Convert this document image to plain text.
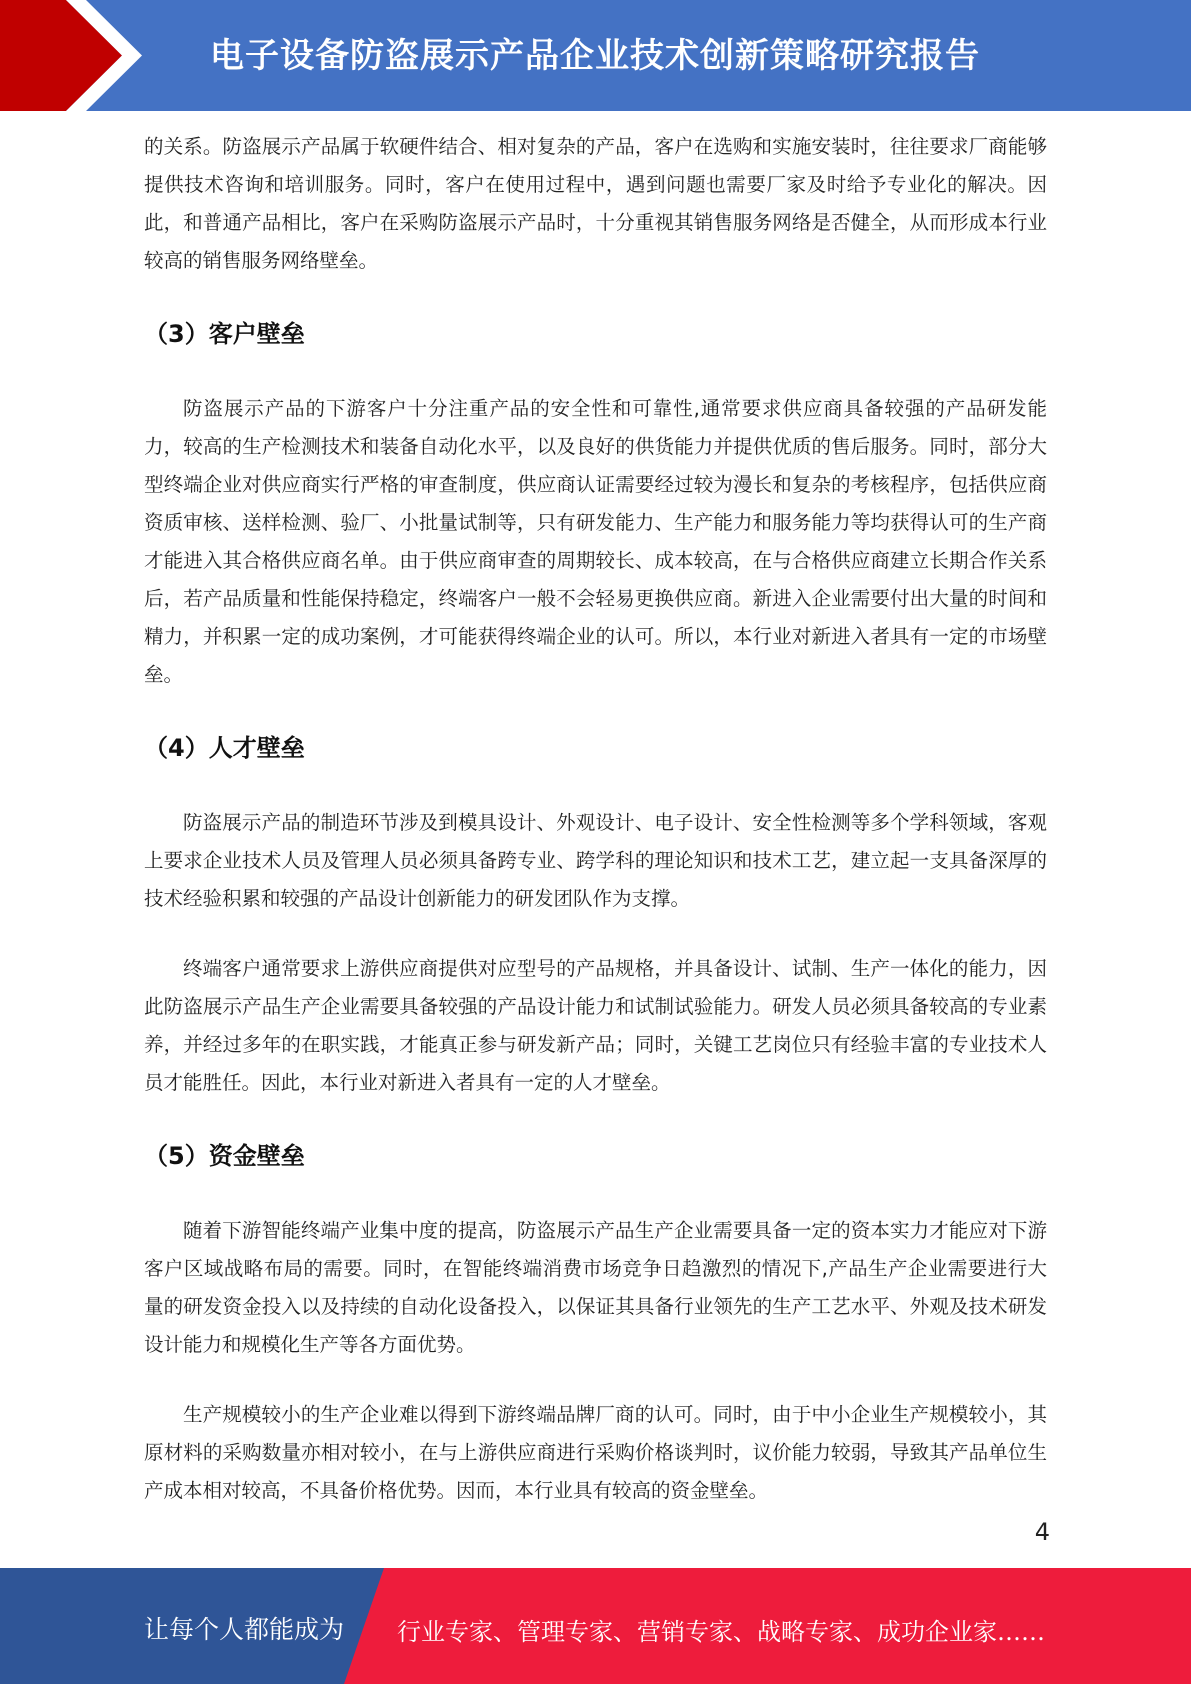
电子设备防盗展示产品企业技术创新策略研究报告

的关系。防盗展示产品属于软硬件结合、相对复杂的产品，客户在选购和实施安装时，往往要求厂商能够提供技术咨询和培训服务。同时，客户在使用过程中，遇到问题也需要厂家及时给予专业化的解决。因此，和普通产品相比，客户在采购防盗展示产品时，十分重视其销售服务网络是否健全，从而形成本行业较高的销售服务网络壁垒。

（3）客户壁垒

防盗展示产品的下游客户十分注重产品的安全性和可靠性,通常要求供应商具备较强的产品研发能力，较高的生产检测技术和装备自动化水平，以及良好的供货能力并提供优质的售后服务。同时，部分大型终端企业对供应商实行严格的审查制度，供应商认证需要经过较为漫长和复杂的考核程序，包括供应商资质审核、送样检测、验厂、小批量试制等，只有研发能力、生产能力和服务能力等均获得认可的生产商才能进入其合格供应商名单。由于供应商审查的周期较长、成本较高，在与合格供应商建立长期合作关系后，若产品质量和性能保持稳定，终端客户一般不会轻易更换供应商。新进入企业需要付出大量的时间和精力，并积累一定的成功案例，才可能获得终端企业的认可。所以，本行业对新进入者具有一定的市场壁垒。

（4）人才壁垒

防盗展示产品的制造环节涉及到模具设计、外观设计、电子设计、安全性检测等多个学科领域，客观上要求企业技术人员及管理人员必须具备跨专业、跨学科的理论知识和技术工艺，建立起一支具备深厚的技术经验积累和较强的产品设计创新能力的研发团队作为支撑。

终端客户通常要求上游供应商提供对应型号的产品规格，并具备设计、试制、生产一体化的能力，因此防盗展示产品生产企业需要具备较强的产品设计能力和试制试验能力。研发人员必须具备较高的专业素养，并经过多年的在职实践，才能真正参与研发新产品；同时，关键工艺岗位只有经验丰富的专业技术人员才能胜任。因此，本行业对新进入者具有一定的人才壁垒。

（5）资金壁垒

随着下游智能终端产业集中度的提高，防盗展示产品生产企业需要具备一定的资本实力才能应对下游客户区域战略布局的需要。同时，在智能终端消费市场竞争日趋激烈的情况下,产品生产企业需要进行大量的研发资金投入以及持续的自动化设备投入，以保证其具备行业领先的生产工艺水平、外观及技术研发设计能力和规模化生产等各方面优势。

生产规模较小的生产企业难以得到下游终端品牌厂商的认可。同时，由于中小企业生产规模较小，其原材料的采购数量亦相对较小，在与上游供应商进行采购价格谈判时，议价能力较弱，导致其产品单位生产成本相对较高，不具备价格优势。因而，本行业具有较高的资金壁垒。

4
让每个人都能成为 行业专家、管理专家、营销专家、战略专家、成功企业家……
